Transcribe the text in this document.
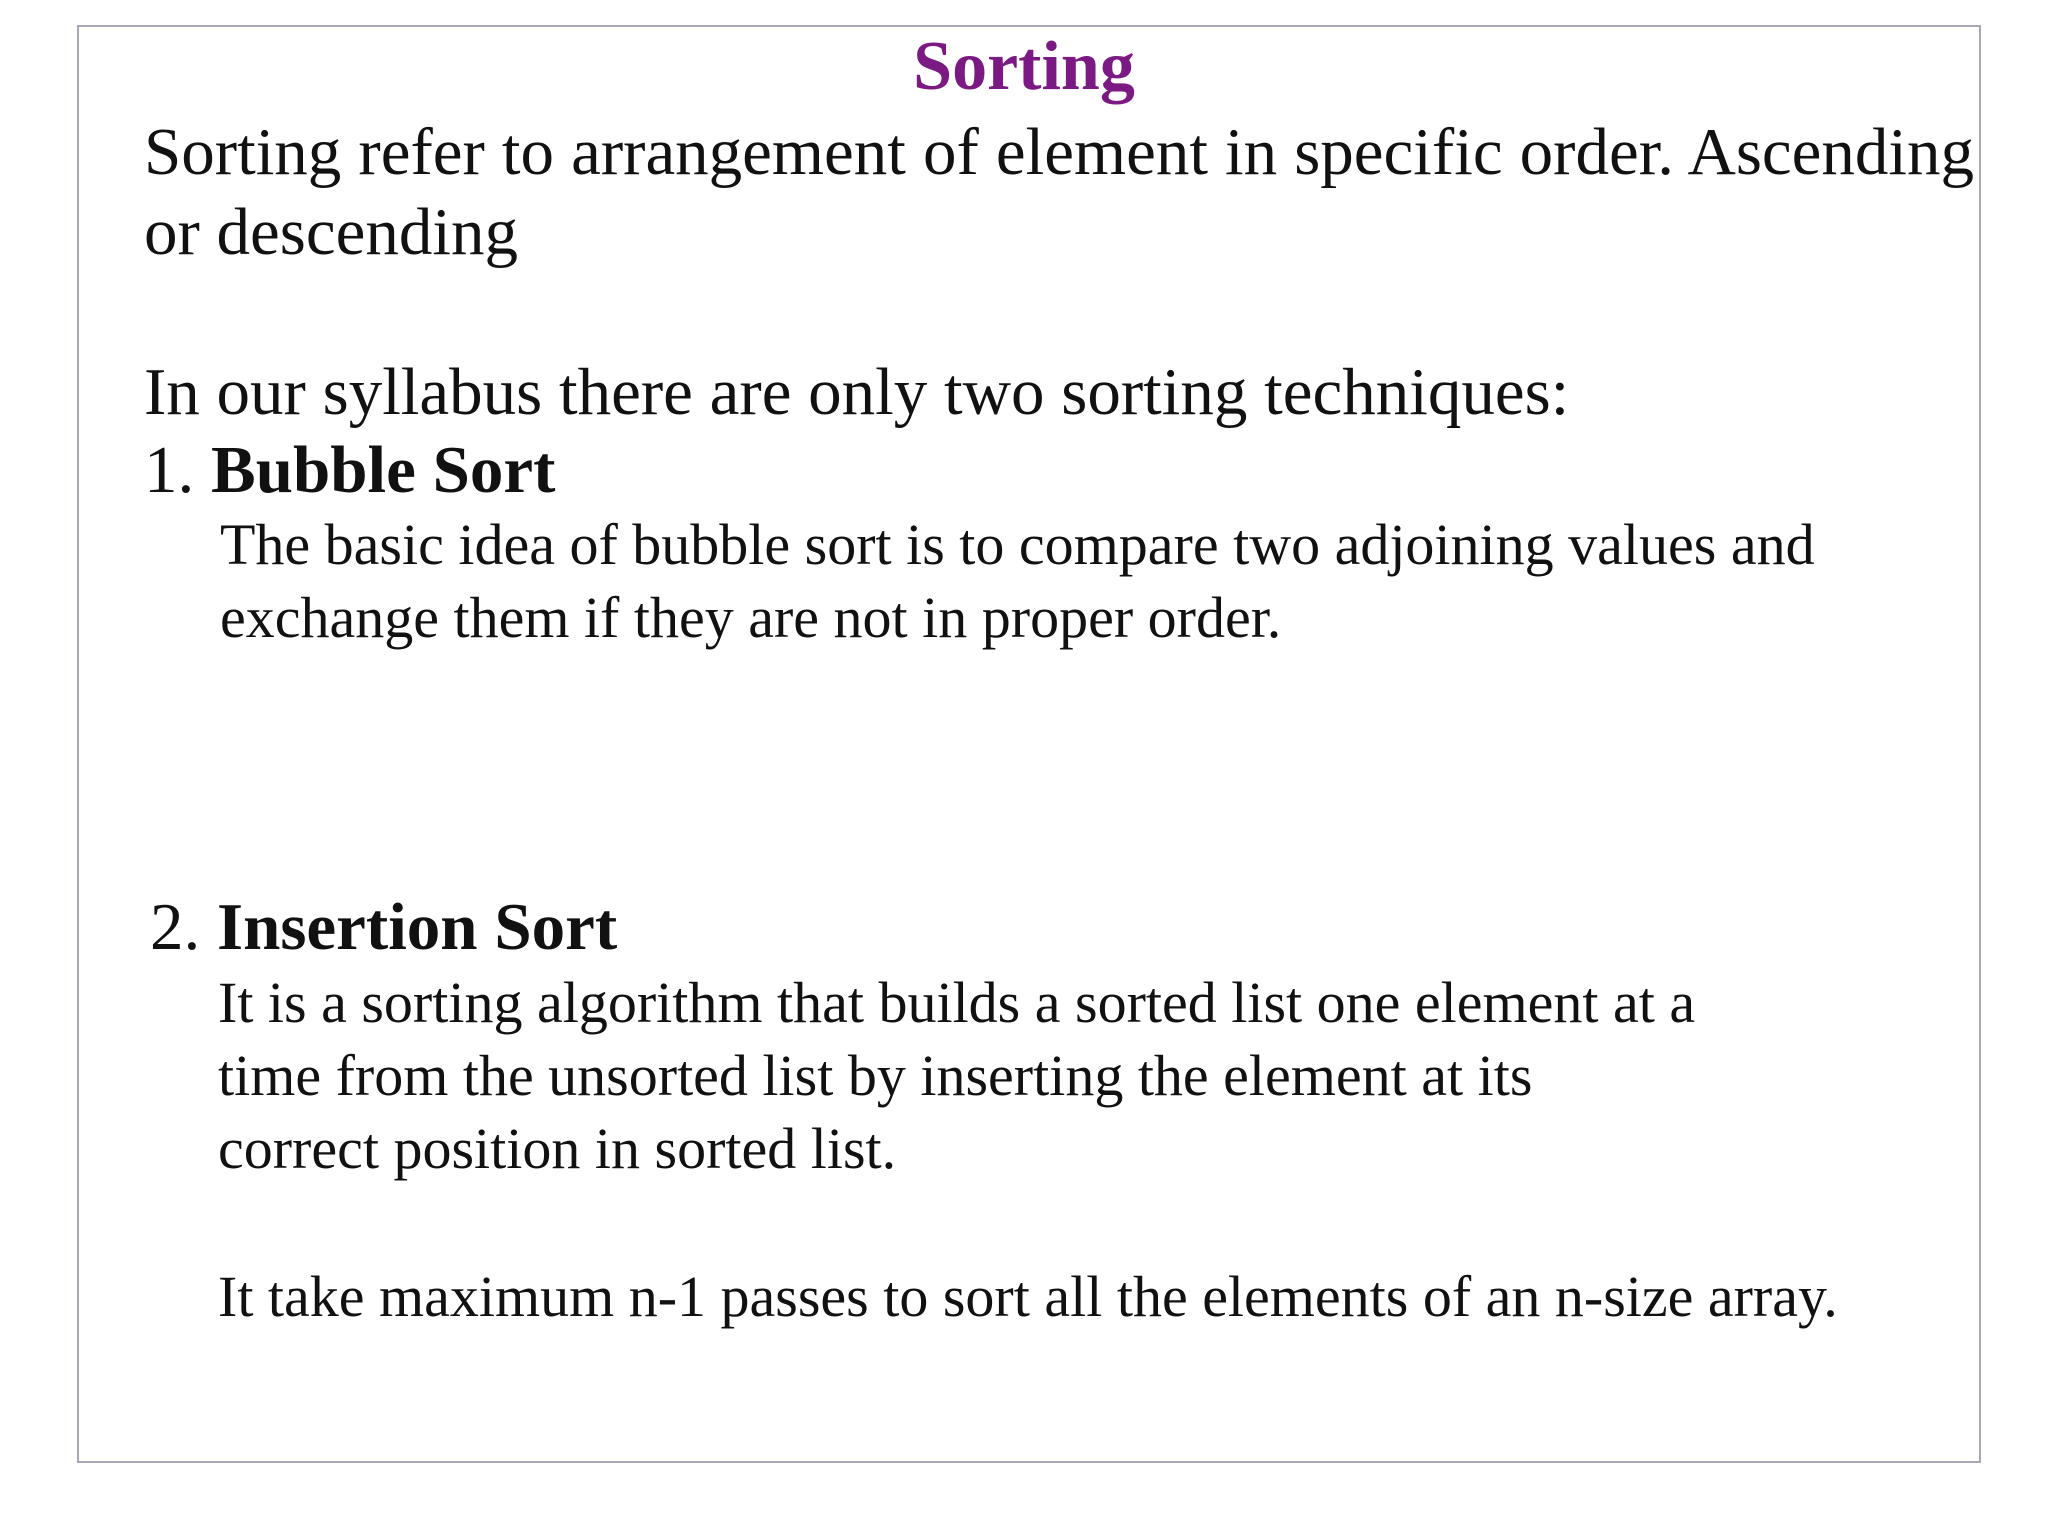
Sorting

Sorting refer to arrangement of element in specific order. Ascending or descending

In our syllabus there are only two sorting techniques:

1. Bubble Sort

The basic idea of bubble sort is to compare two adjoining values and
exchange them if they are not in proper order.

2. Insertion Sort

It is a sorting algorithm that builds a sorted list one element at a
time from the unsorted list by inserting the element at its
correct position in sorted list.

It take maximum n-1 passes to sort all the elements of an n-size array.
